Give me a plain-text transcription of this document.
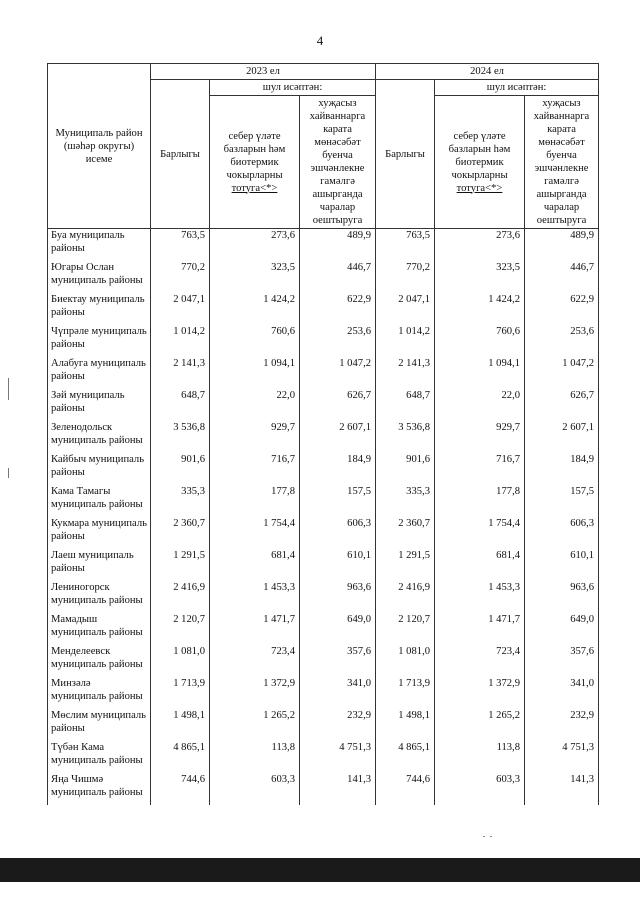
4
Муниципаль район (шәһәр округы) исеме	2023 ел			2024 ел		
	Барлыгы	шул исәптән:		Барлыгы	шул исәптән:	
		себер үләте базларын һәм биотермик чокырларны тотуга<*>	хуҗасыз хайваннарга карата мөнәсәбәт буенча эшчәнлекне гамәлгә ашырганда чаралар оештыруга		себер үләте базларын һәм биотермик чокырларны тотуга<*>	хуҗасыз хайваннарга карата мөнәсәбәт буенча эшчәнлекне гамәлгә ашырганда чаралар оештыруга
Буа муниципаль районы	763,5	273,6	489,9	763,5	273,6	489,9
Югары Ослан муниципаль районы	770,2	323,5	446,7	770,2	323,5	446,7
Биектау муниципаль районы	2 047,1	1 424,2	622,9	2 047,1	1 424,2	622,9
Чүпрәле муниципаль районы	1 014,2	760,6	253,6	1 014,2	760,6	253,6
Алабуга муниципаль районы	2 141,3	1 094,1	1 047,2	2 141,3	1 094,1	1 047,2
Зәй муниципаль районы	648,7	22,0	626,7	648,7	22,0	626,7
Зеленодольск муниципаль районы	3 536,8	929,7	2 607,1	3 536,8	929,7	2 607,1
Кайбыч муниципаль районы	901,6	716,7	184,9	901,6	716,7	184,9
Кама Тамагы муниципаль районы	335,3	177,8	157,5	335,3	177,8	157,5
Кукмара муниципаль районы	2 360,7	1 754,4	606,3	2 360,7	1 754,4	606,3
Лаеш муниципаль районы	1 291,5	681,4	610,1	1 291,5	681,4	610,1
Лениногорск муниципаль районы	2 416,9	1 453,3	963,6	2 416,9	1 453,3	963,6
Мамадыш муниципаль районы	2 120,7	1 471,7	649,0	2 120,7	1 471,7	649,0
Менделеевск муниципаль районы	1 081,0	723,4	357,6	1 081,0	723,4	357,6
Минзәлә муниципаль районы	1 713,9	1 372,9	341,0	1 713,9	1 372,9	341,0
Мөслим муниципаль районы	1 498,1	1 265,2	232,9	1 498,1	1 265,2	232,9
Түбән Кама муниципаль районы	4 865,1	113,8	4 751,3	4 865,1	113,8	4 751,3
Яңа Чишмә муниципаль районы	744,6	603,3	141,3	744,6	603,3	141,3
